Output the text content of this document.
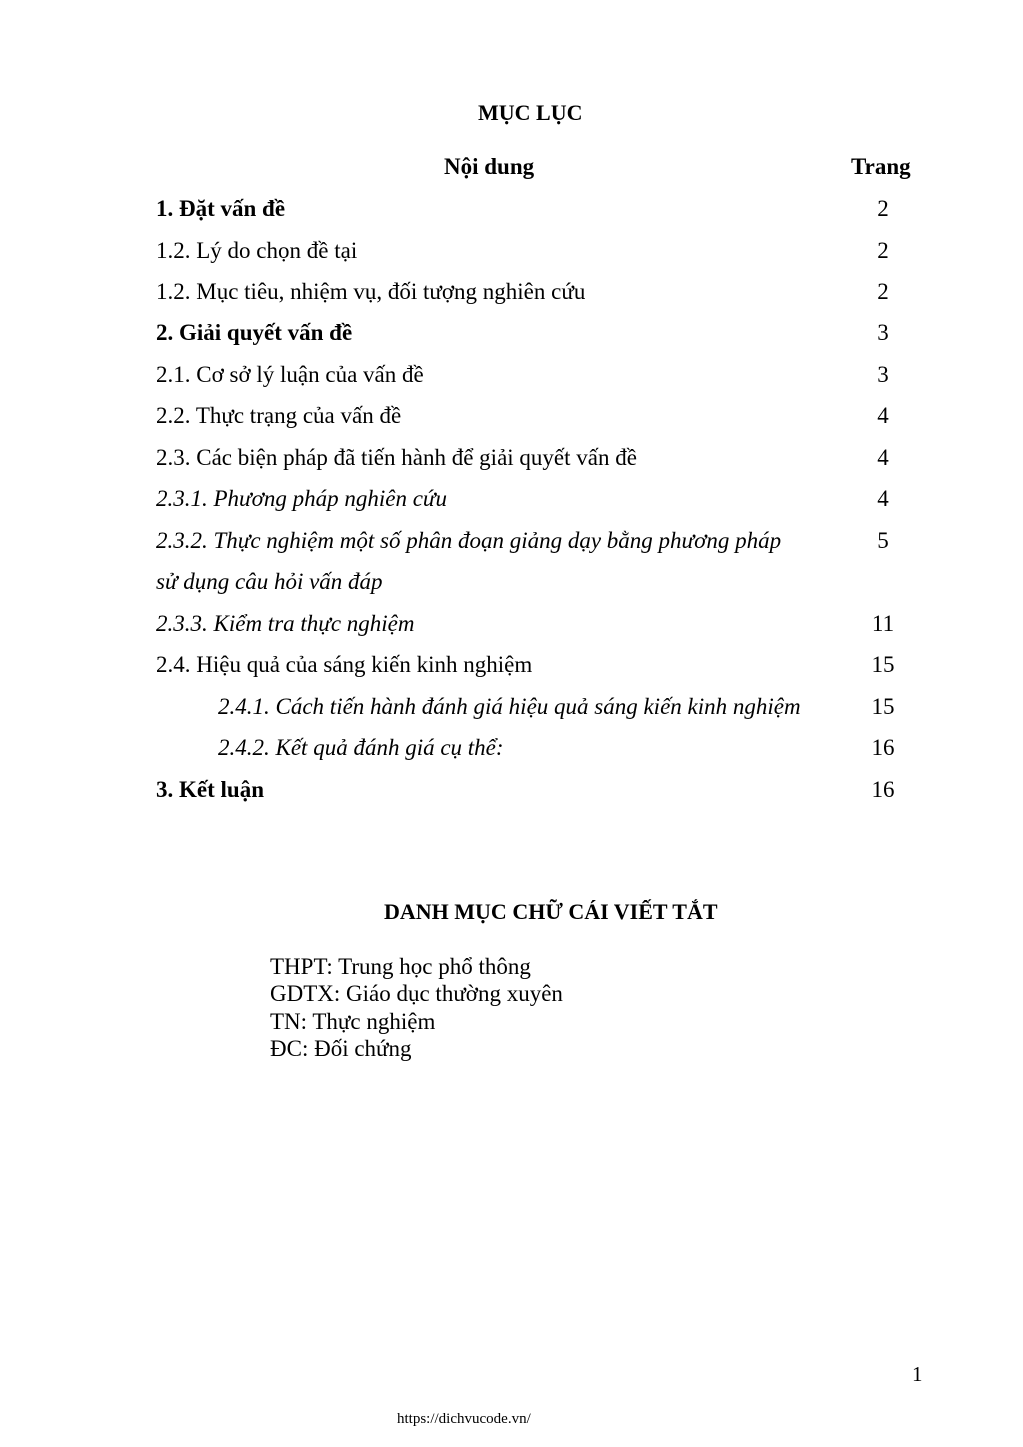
MỤC LỤC
Nội dung	Trang
1. Đặt vấn đề	2
1.2. Lý do chọn đề tại	2
1.2. Mục tiêu, nhiệm vụ, đối tượng nghiên cứu	2
2. Giải quyết vấn đề	3
2.1. Cơ sở lý luận của vấn đề	3
2.2. Thực trạng của vấn đề	4
2.3. Các biện pháp đã tiến hành để giải quyết vấn đề	4
2.3.1. Phương pháp nghiên cứu	4
2.3.2. Thực nghiệm một số phân đoạn giảng dạy bằng phương pháp	5
sử dụng câu hỏi vấn đáp
2.3.3. Kiểm tra thực nghiệm	11
2.4. Hiệu quả của sáng kiến kinh nghiệm	15
2.4.1. Cách tiến hành đánh giá hiệu quả sáng kiến kinh nghiệm	15
2.4.2. Kết quả đánh giá cụ thể:	16
3. Kết luận	16
DANH MỤC CHỮ CÁI VIẾT TẮT
THPT: Trung học phổ thông
GDTX: Giáo dục thường xuyên
TN: Thực nghiệm
ĐC: Đối chứng
1
https://dichvucode.vn/
